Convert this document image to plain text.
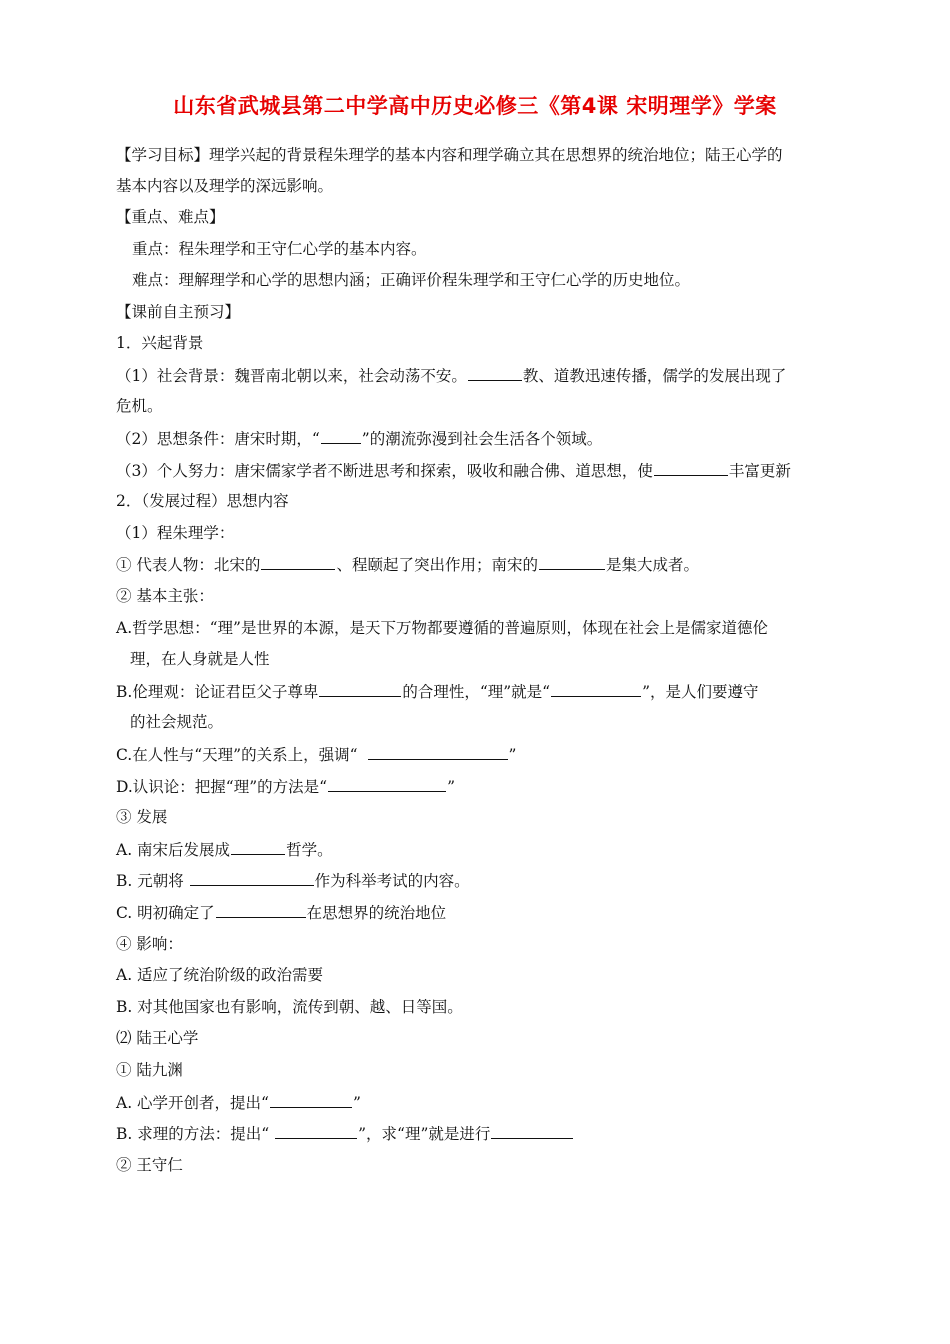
山东省武城县第二中学高中历史必修三《第4课 宋明理学》学案
【学习目标】理学兴起的背景程朱理学的基本内容和理学确立其在思想界的统治地位；陆王心学的
基本内容以及理学的深远影响。
【重点、难点】
重点：程朱理学和王守仁心学的基本内容。
难点：理解理学和心学的思想内涵；正确评价程朱理学和王守仁心学的历史地位。
【课前自主预习】
1．兴起背景
（1）社会背景：魏晋南北朝以来，社会动荡不安。	教、道教迅速传播，儒学的发展出现了
危机。
（2）思想条件：唐宋时期，“	”的潮流弥漫到社会生活各个领域。
（3）个人努力：唐宋儒家学者不断进思考和探索，吸收和融合佛、道思想，使	丰富更新
2．（发展过程）思想内容
（1）程朱理学：
① 代表人物：北宋的	、程颐起了突出作用；南宋的	是集大成者。
② 基本主张：
A.哲学思想：“理”是世界的本源，是天下万物都要遵循的普遍原则，体现在社会上是儒家道德伦
理，在人身就是人性
B.伦理观：论证君臣父子尊卑	的合理性，“理”就是“	”，是人们要遵守
的社会规范。
C.在人性与“天理”的关系上，强调“	”
D.认识论：把握“理”的方法是“	”
③ 发展
A. 南宋后发展成	哲学。
B. 元朝将	作为科举考试的内容。
C. 明初确定了	在思想界的统治地位
④ 影响：
A. 适应了统治阶级的政治需要
B. 对其他国家也有影响，流传到朝、越、日等国。
⑵ 陆王心学
① 陆九渊
A. 心学开创者，提出“	”
B. 求理的方法：提出“	”，求“理”就是进行
② 王守仁
